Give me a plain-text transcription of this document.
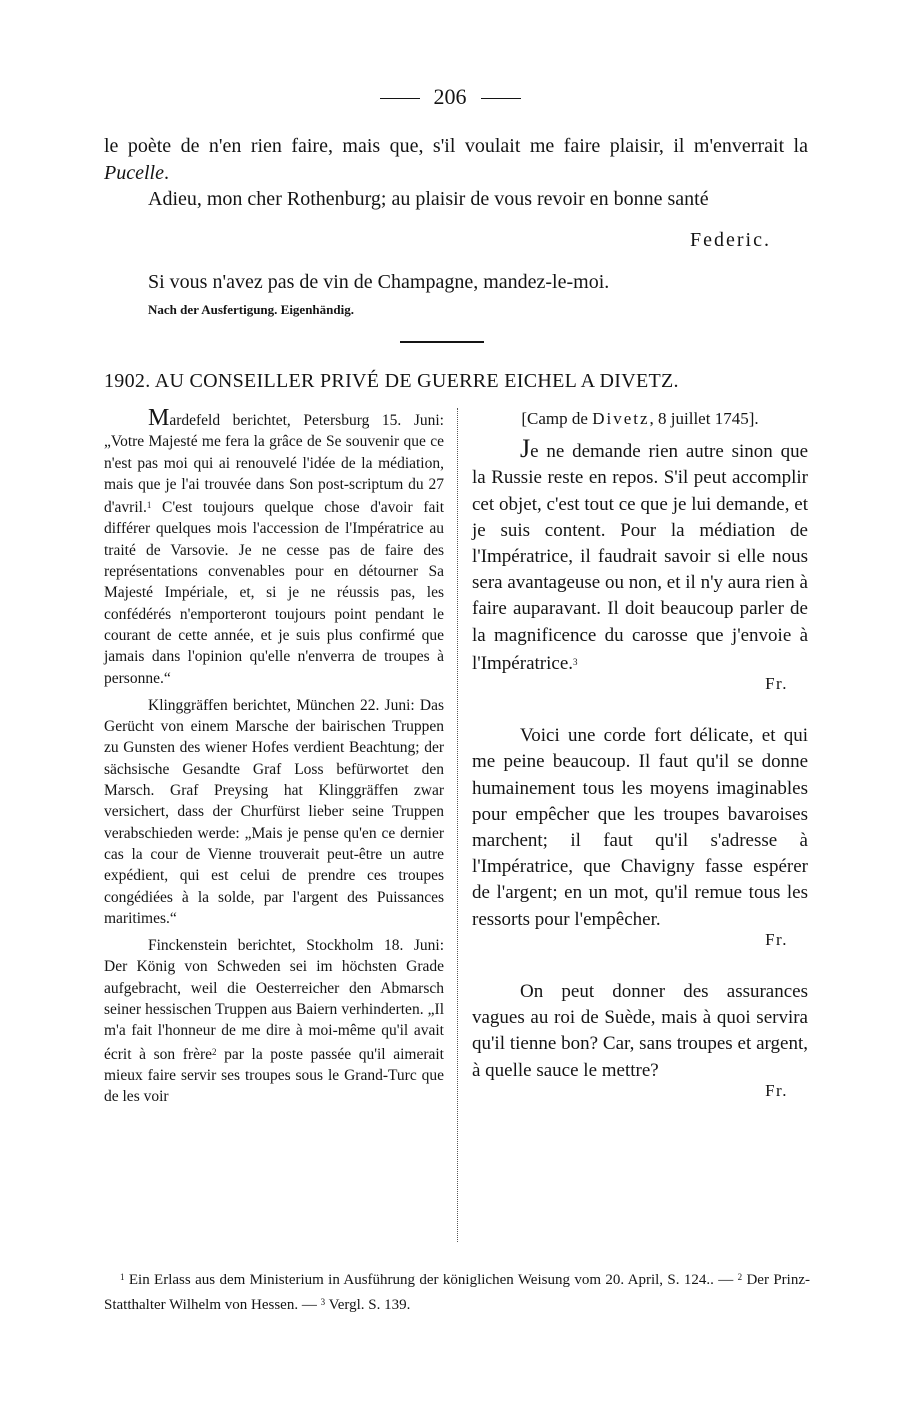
206
le poète de n'en rien faire, mais que, s'il voulait me faire plaisir, il m'enverrait la Pucelle.
Adieu, mon cher Rothenburg; au plaisir de vous revoir en bonne santé
Federic.
Si vous n'avez pas de vin de Champagne, mandez-le-moi.
Nach der Ausfertigung. Eigenhändig.
1902. AU CONSEILLER PRIVÉ DE GUERRE EICHEL A DIVETZ.

Mardefeld berichtet, Petersburg 15. Juni: „Votre Majesté me fera la grâce de Se souvenir que ce n'est pas moi qui ai renouvelé l'idée de la médiation, mais que je l'ai trouvée dans Son post-scriptum du 27 d'avril.$^1$ C'est toujours quelque chose d'avoir fait différer quelques mois l'accession de l'Impératrice au traité de Varsovie. Je ne cesse pas de faire des représentations convenables pour en détourner Sa Majesté Impériale, et, si je ne réussis pas, les confédérés n'emporteront toujours point pendant le courant de cette année, et je suis plus confirmé que jamais dans l'opinion qu'elle n'enverra de troupes à personne.“

Klinggräffen berichtet, München 22. Juni: Das Gerücht von einem Marsche der bairischen Truppen zu Gunsten des wiener Hofes verdient Beachtung; der sächsische Gesandte Graf Loss befürwortet den Marsch. Graf Preysing hat Klinggräffen zwar versichert, dass der Churfürst lieber seine Truppen verabschieden werde: „Mais je pense qu'en ce dernier cas la cour de Vienne trouverait peut-être un autre expédient, qui est celui de prendre ces troupes congédiées à la solde, par l'argent des Puissances maritimes.“

Finckenstein berichtet, Stockholm 18. Juni: Der König von Schweden sei im höchsten Grade aufgebracht, weil die Oesterreicher den Abmarsch seiner hessischen Truppen aus Baiern verhinderten. „Il m'a fait l'honneur de me dire à moi-même qu'il avait écrit à son frère$^2$ par la poste passée qu'il aimerait mieux faire servir ses troupes sous le Grand-Turc que de les voir

[Camp de Divetz, 8 juillet 1745].

Je ne demande rien autre sinon que la Russie reste en repos. S'il peut accomplir cet objet, c'est tout ce que je lui demande, et je suis content. Pour la médiation de l'Impératrice, il faudrait savoir si elle nous sera avantageuse ou non, et il n'y aura rien à faire auparavant. Il doit beaucoup parler de la magnificence du carosse que j'envoie à l'Impératrice.$^3$

Fr.

Voici une corde fort délicate, et qui me peine beaucoup. Il faut qu'il se donne humainement tous les moyens imaginables pour empêcher que les troupes bavaroises marchent; il faut qu'il s'adresse à l'Impératrice, que Chavigny fasse espérer de l'argent; en un mot, qu'il remue tous les ressorts pour l'empêcher.

Fr.

On peut donner des assurances vagues au roi de Suède, mais à quoi servira qu'il tienne bon? Car, sans troupes et argent, à quelle sauce le mettre?

Fr.

$^1$ Ein Erlass aus dem Ministerium in Ausführung der königlichen Weisung vom 20. April, S. 124.. — $^2$ Der Prinz-Statthalter Wilhelm von Hessen. — $^3$ Vergl. S. 139.
